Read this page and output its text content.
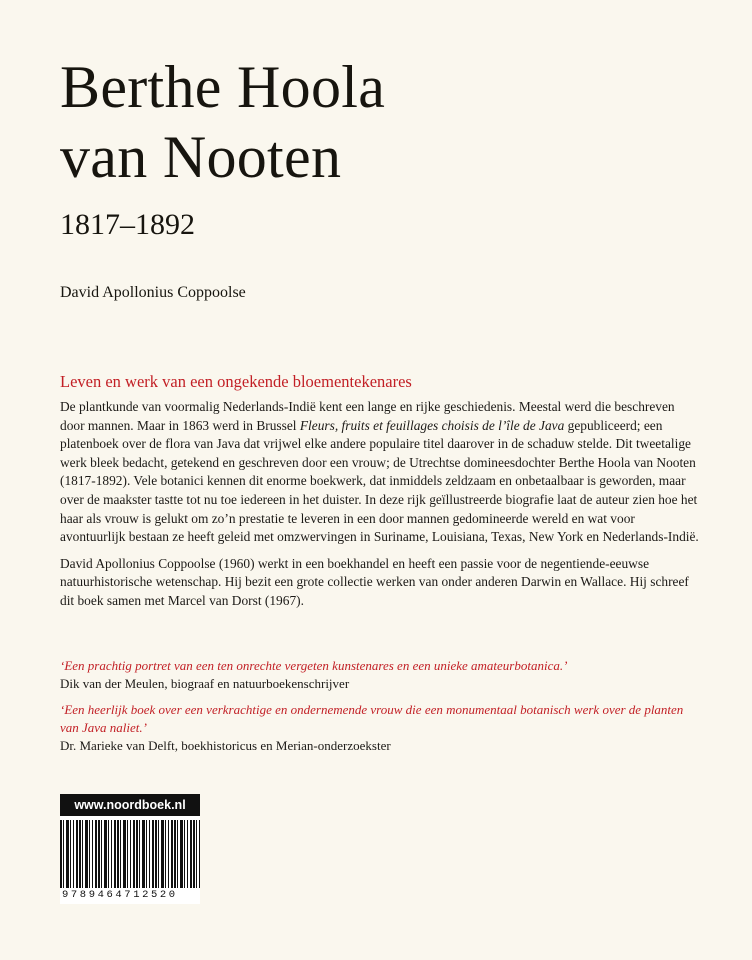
Berthe Hoola
van Nooten
1817–1892
David Apollonius Coppoolse
Leven en werk van een ongekende bloementekenares

De plantkunde van voormalig Nederlands-Indië kent een lange en rijke geschiedenis. Meestal werd die beschreven door mannen. Maar in 1863 werd in Brussel Fleurs, fruits et feuillages choisis de l’île de Java gepubliceerd; een platenboek over de flora van Java dat vrijwel elke andere populaire titel daarover in de schaduw stelde. Dit tweetalige werk bleek bedacht, getekend en geschreven door een vrouw; de Utrechtse domineesdochter Berthe Hoola van Nooten (1817-1892). Vele botanici kennen dit enorme boekwerk, dat inmiddels zeldzaam en onbetaalbaar is geworden, maar over de maakster tastte tot nu toe iedereen in het duister. In deze rijk geïllustreerde biografie laat de auteur zien hoe het haar als vrouw is gelukt om zo’n prestatie te leveren in een door mannen gedomineerde wereld en wat voor avontuurlijk bestaan ze heeft geleid met omzwervingen in Suriname, Louisiana, Texas, New York en Nederlands-Indië.

David Apollonius Coppoolse (1960) werkt in een boekhandel en heeft een passie voor de negentiende-eeuwse natuurhistorische wetenschap. Hij bezit een grote collectie werken van onder anderen Darwin en Wallace. Hij schreef dit boek samen met Marcel van Dorst (1967).

‘Een prachtig portret van een ten onrechte vergeten kunstenares en een unieke amateurbotanica.’
Dik van der Meulen, biograaf en natuurboekenschrijver
‘Een heerlijk boek over een verkrachtige en ondernemende vrouw die een monumentaal botanisch werk over de planten van Java naliet.’
Dr. Marieke van Delft, boekhistoricus en Merian-onderzoekster
www.noordboek.nl
9789464712520
